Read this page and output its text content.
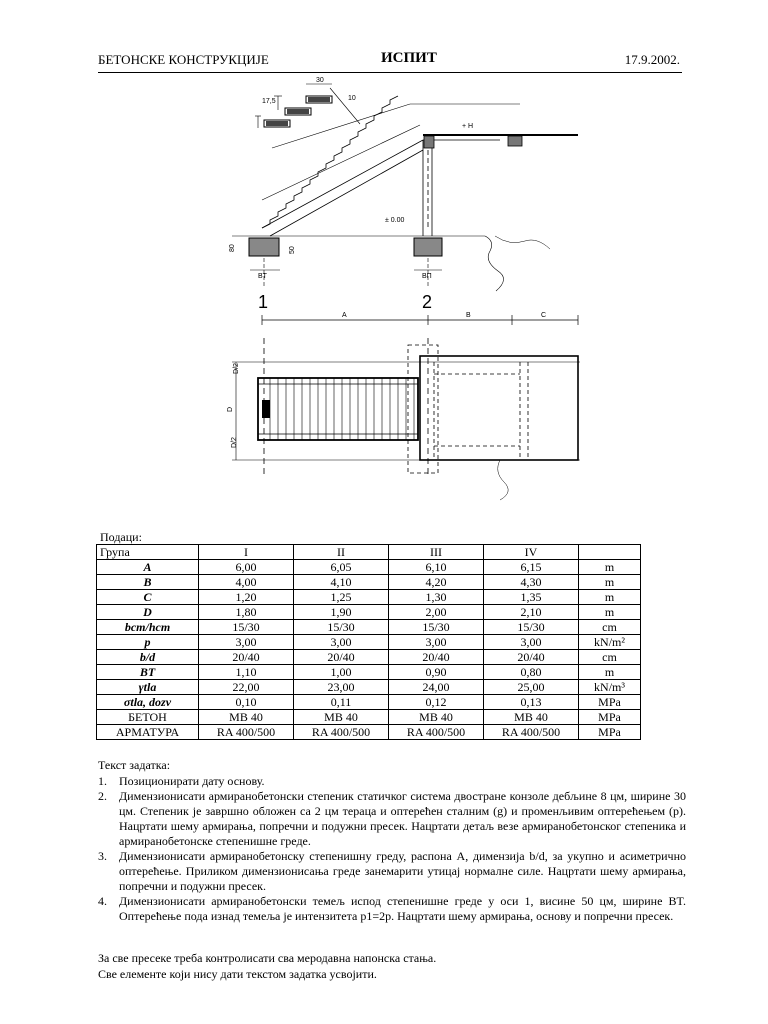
БЕТОНСКЕ КОНСТРУКЦИЈЕ	ИСПИТ	17.9.2002.
30
17,5	10
+ H
± 0.00
BT
80	50
BП
1	2
A	B	C
D/2
D
D/2
Подаци:
Група	I	II	III	IV	
A	6,00	6,05	6,10	6,15	m
B	4,00	4,10	4,20	4,30	m
C	1,20	1,25	1,30	1,35	m
D	1,80	1,90	2,00	2,10	m
bст/hст	15/30	15/30	15/30	15/30	cm
p	3,00	3,00	3,00	3,00	kN/m²
b/d	20/40	20/40	20/40	20/40	cm
BT	1,10	1,00	0,90	0,80	m
γtla	22,00	23,00	24,00	25,00	kN/m³
σtla, dozv	0,10	0,11	0,12	0,13	MPa
БЕТОН	MB 40	MB 40	MB 40	MB 40	MPa
АРМАТУРА	RA 400/500	RA 400/500	RA 400/500	RA 400/500	MPa
Текст задатка:
1. Позиционирати дату основу.
2. Димензионисати армиранобетонски степеник статичког система двостране конзоле дебљине 8 цм, ширине 30 цм. Степеник је завршно обложен са 2 цм тераца и оптерећен сталним (g) и променљивим оптерећењем (p). Нацртати шему армирања, попречни и подужни пресек. Нацртати детаљ везе армиранобетонског степеника и армиранобетонске степенишне греде.
3. Димензионисати армиранобетонску степенишну греду, распона A, димензија b/d, за укупно и асиметрично оптерећење. Приликом димензионисања греде занемарити утицај нормалне силе. Нацртати шему армирања, попречни и подужни пресек.
4. Димензионисати армиранобетонски темељ испод степенишне греде у оси 1, висине 50 цм, ширине BT. Оптерећење пода изнад темеља је интензитета p1=2p. Нацртати шему армирања, основу и попречни пресек.
За све пресеке треба контролисати сва меродавна напонска стања.
Све елементе који нису дати текстом задатка усвојити.
